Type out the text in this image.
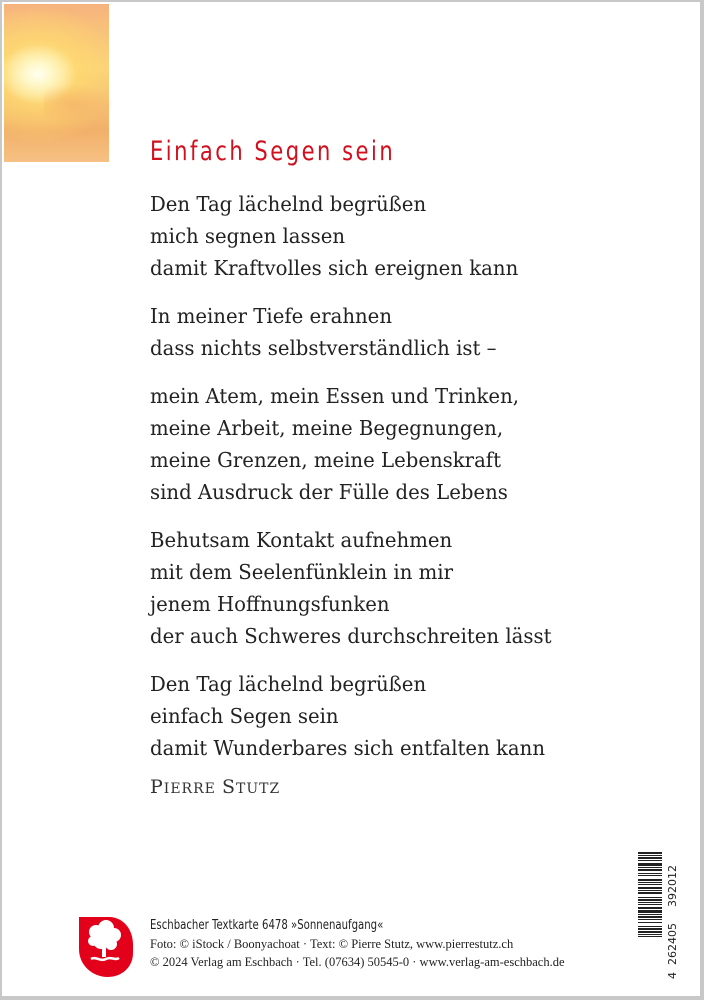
Einfach Segen sein

Den Tag lächelnd begrüßen
mich segnen lassen
damit Kraftvolles sich ereignen kann

In meiner Tiefe erahnen
dass nichts selbstverständlich ist –

mein Atem, mein Essen und Trinken,
meine Arbeit, meine Begegnungen,
meine Grenzen, meine Lebenskraft
sind Ausdruck der Fülle des Lebens

Behutsam Kontakt aufnehmen
mit dem Seelenfünklein in mir
jenem Hoffnungsfunken
der auch Schweres durchschreiten lässt

Den Tag lächelnd begrüßen
einfach Segen sein
damit Wunderbares sich entfalten kann

PIERRE STUTZ
Eschbacher Textkarte 6478 »Sonnenaufgang«
Foto: © iStock / Boonyachoat · Text: © Pierre Stutz, www.pierrestutz.ch
© 2024 Verlag am Eschbach · Tel. (07634) 50545-0 · www.verlag-am-eschbach.de
4
262405
392012
